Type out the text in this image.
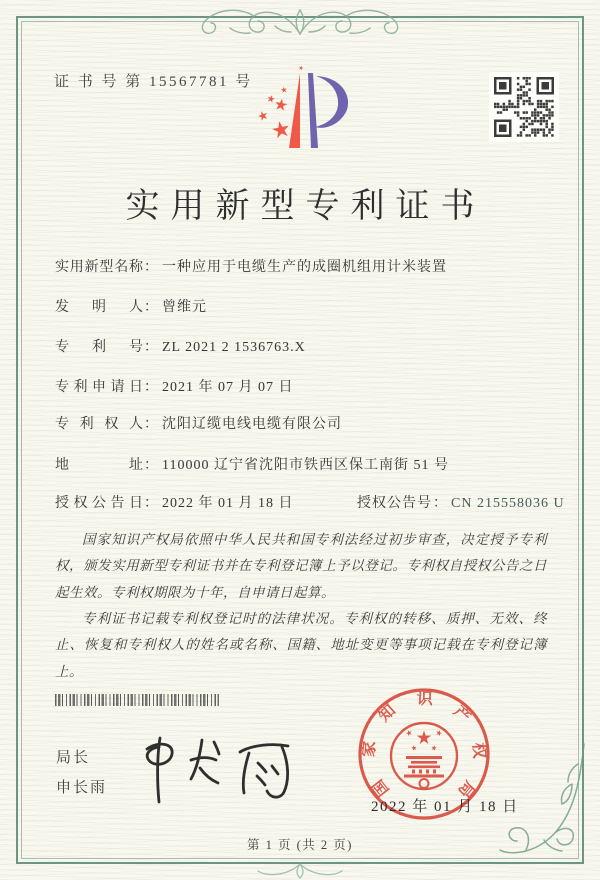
证 书 号 第 15567781 号
实用新型专利证书
实用新型名称： 一种应用于电缆生产的成圈机组用计米装置
发明人： 曾维元
专利号： ZL 2021 2 1536763.X
专利申请日： 2021 年 07 月 07 日
专利权人： 沈阳辽缆电线电缆有限公司
地址： 110000 辽宁省沈阳市铁西区保工南街 51 号
授权公告日： 2022 年 01 月 18 日	授权公告号： CN 215558036 U

国家知识产权局依照中华人民共和国专利法经过初步审查，决定授予专利权，颁发实用新型专利证书并在专利登记簿上予以登记。专利权自授权公告之日起生效。专利权期限为十年，自申请日起算。

专利证书记载专利权登记时的法律状况。专利权的转移、质押、无效、终止、恢复和专利权人的姓名或名称、国籍、地址变更等事项记载在专利登记簿上。

局长
申长雨	国家知识产权局
2022 年 01 月 18 日
第 1 页 (共 2 页)
